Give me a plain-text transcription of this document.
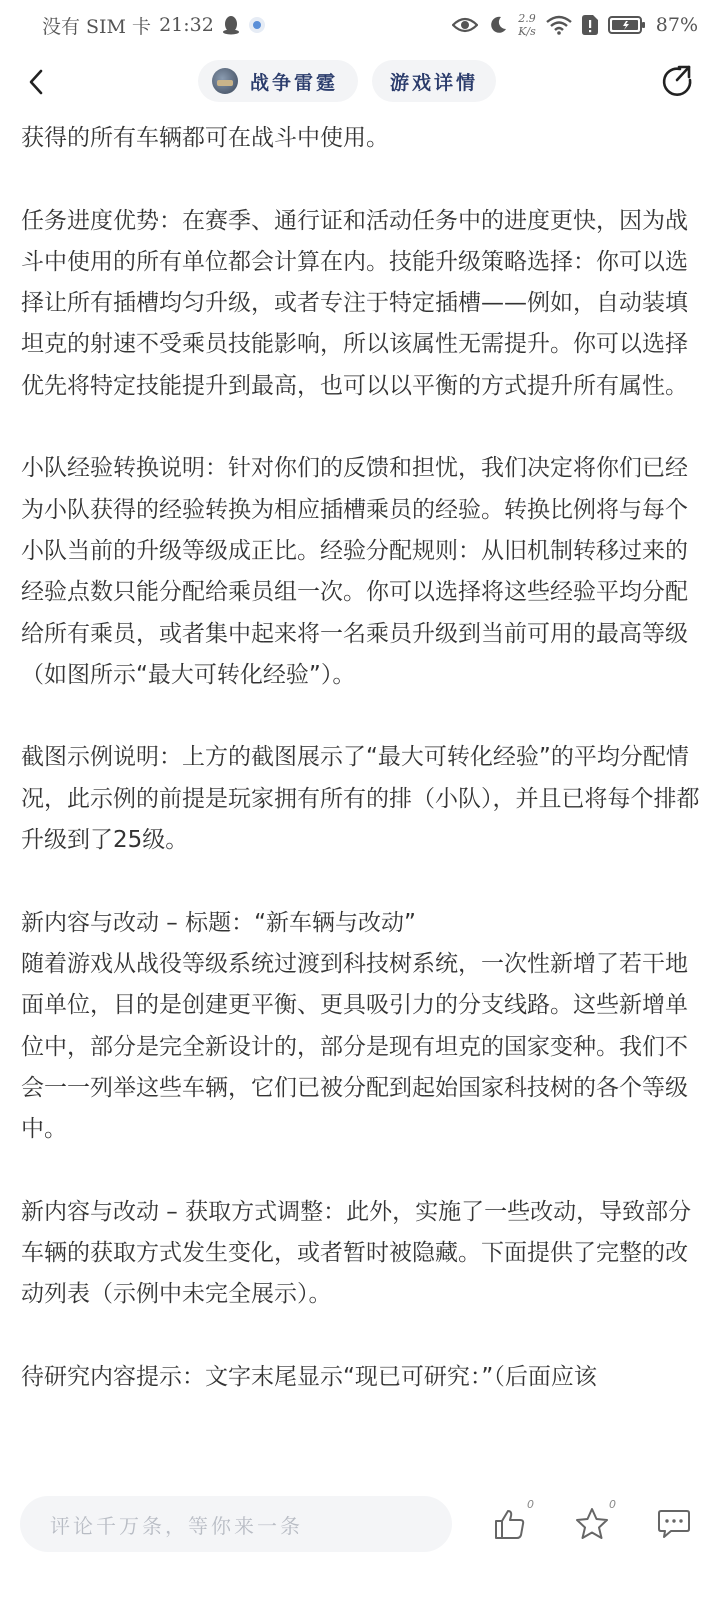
没有 SIM 卡 21:32	2.9
K/s	87%
战争雷霆	游戏详情

获得的所有车辆都可在战斗中使用。

任务进度优势：在赛季、通行证和活动任务中的进度更快，因为战斗中使用的所有单位都会计算在内。技能升级策略选择：你可以选择让所有插槽均匀升级，或者专注于特定插槽——例如，自动装填坦克的射速不受乘员技能影响，所以该属性无需提升。你可以选择优先将特定技能提升到最高，也可以以平衡的方式提升所有属性。

小队经验转换说明：针对你们的反馈和担忧，我们决定将你们已经为小队获得的经验转换为相应插槽乘员的经验。转换比例将与每个小队当前的升级等级成正比。经验分配规则：从旧机制转移过来的经验点数只能分配给乘员组一次。你可以选择将这些经验平均分配给所有乘员，或者集中起来将一名乘员升级到当前可用的最高等级（如图所示“最大可转化经验”）。

截图示例说明：上方的截图展示了“最大可转化经验”的平均分配情况，此示例的前提是玩家拥有所有的排（小队），并且已将每个排都升级到了25级。

新内容与改动 – 标题：“新车辆与改动”

随着游戏从战役等级系统过渡到科技树系统，一次性新增了若干地面单位，目的是创建更平衡、更具吸引力的分支线路。这些新增单位中，部分是完全新设计的，部分是现有坦克的国家变种。我们不会一一列举这些车辆，它们已被分配到起始国家科技树的各个等级中。

新内容与改动 – 获取方式调整：此外，实施了一些改动，导致部分车辆的获取方式发生变化，或者暂时被隐藏。下面提供了完整的改动列表（示例中未完全展示）。

待研究内容提示：文字末尾显示“现已可研究：”（后面应该

评论千万条，等你来一条
0	0
